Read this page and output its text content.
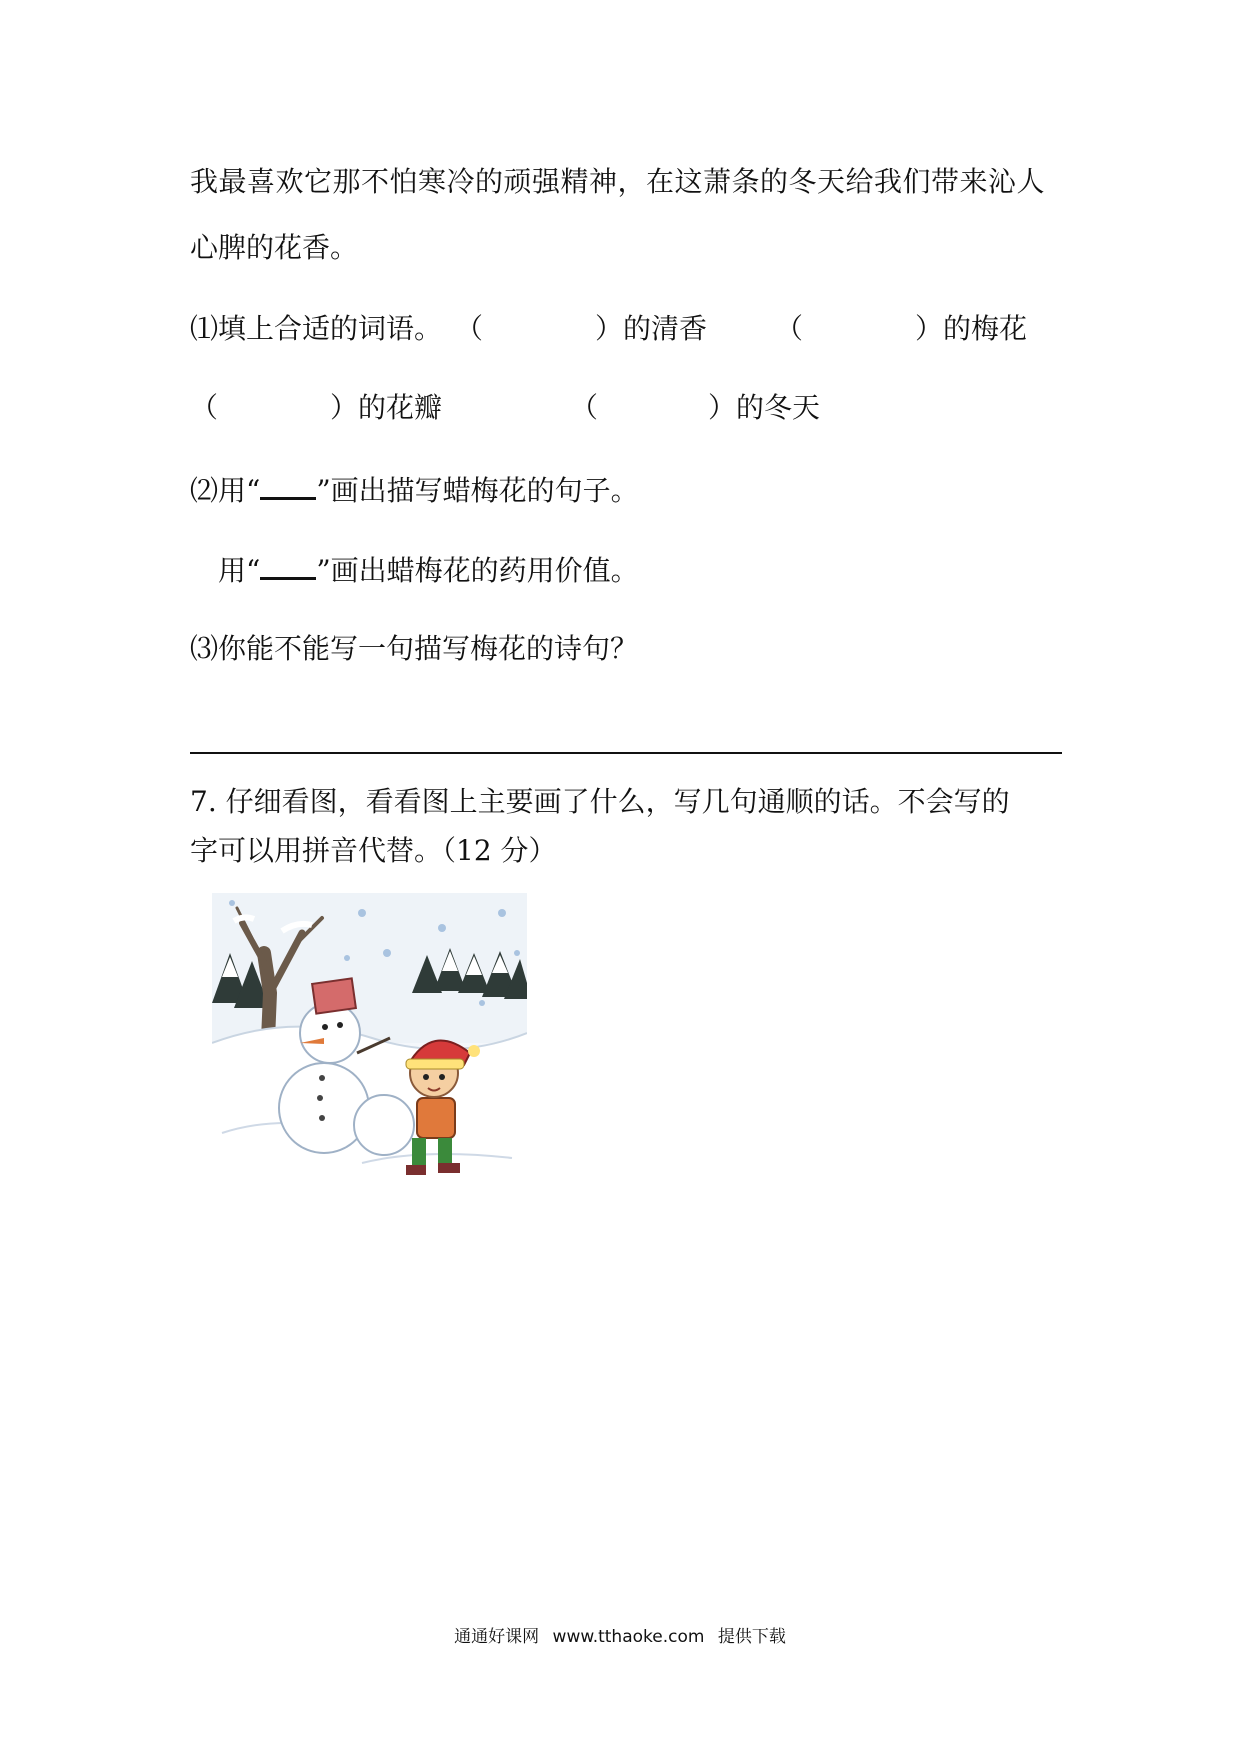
我最喜欢它那不怕寒冷的顽强精神，在这萧条的冬天给我们带来沁人
心脾的花香。
⑴填上合适的词语。 （	）的清香 （	）的梅花
（	）的花瓣	（	）的冬天
⑵用“ ”画出描写蜡梅花的句子。
用“ ”画出蜡梅花的药用价值。
⑶你能不能写一句描写梅花的诗句？
7. 仔细看图，看看图上主要画了什么，写几句通顺的话。不会写的
字可以用拼音代替。（12 分）
通通好课网 www.tthaoke.com 提供下载
